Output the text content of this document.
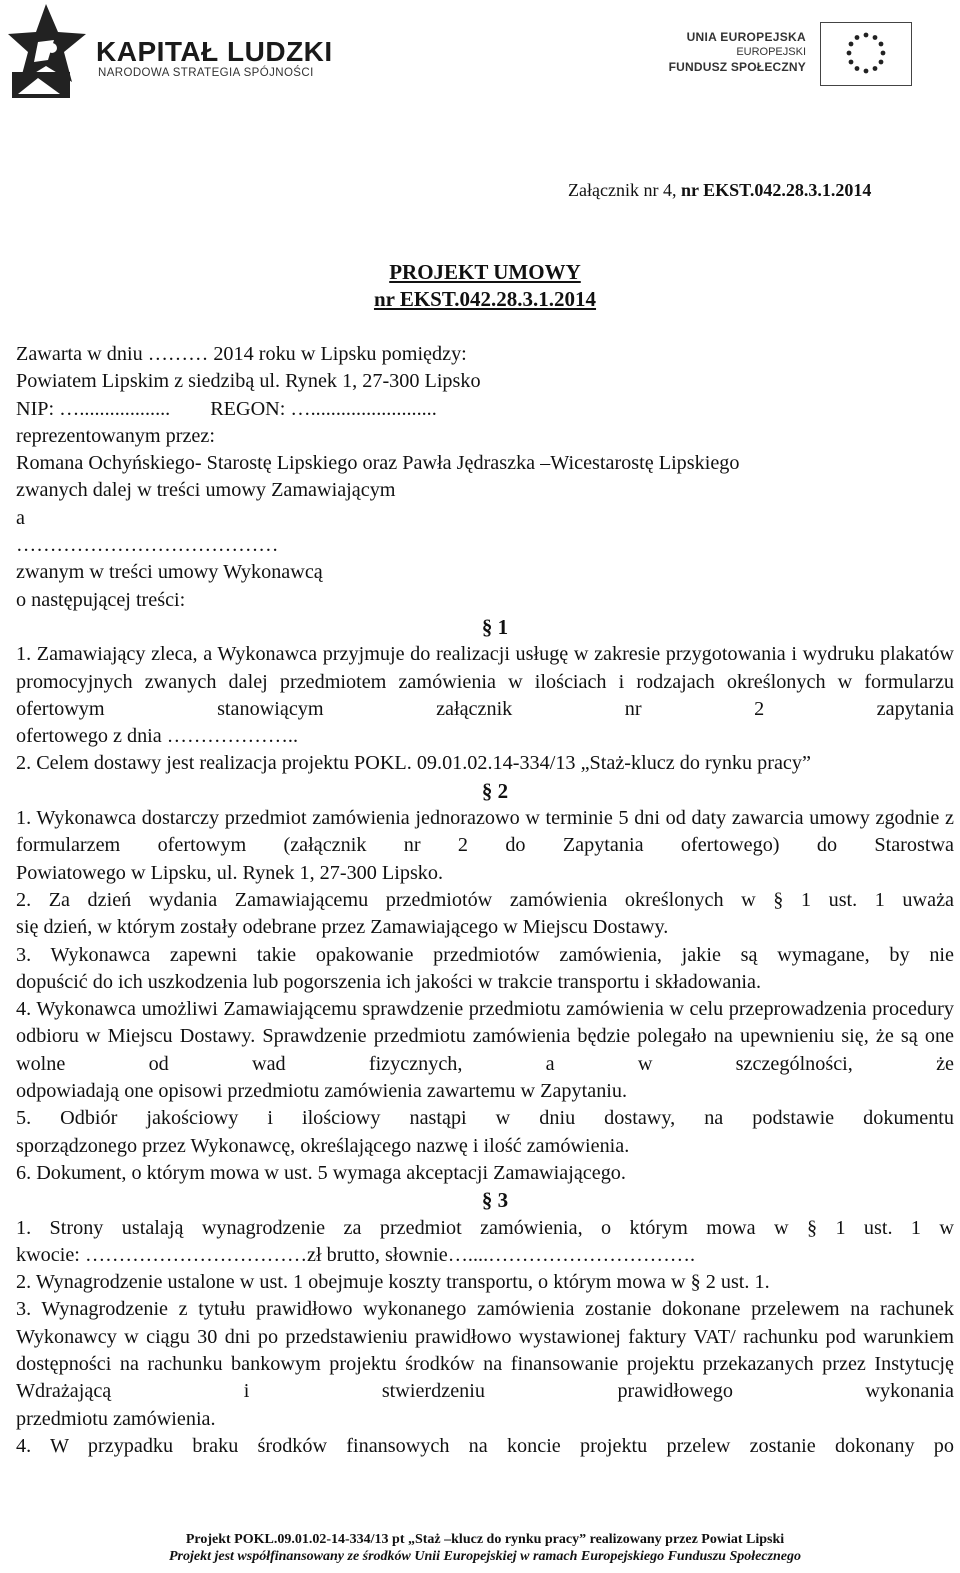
KAPITAŁ LUDZKI
NARODOWA STRATEGIA SPÓJNOŚCI
UNIA EUROPEJSKA
EUROPEJSKI
FUNDUSZ SPOŁECZNY
Załącznik nr 4, nr EKST.042.28.3.1.2014
PROJEKT UMOWY
nr EKST.042.28.3.1.2014
Zawarta w dniu ……… 2014 roku w Lipsku pomiędzy:
Powiatem Lipskim z siedzibą ul. Rynek 1, 27-300 Lipsko
NIP: ….................. REGON: ….........................
reprezentowanym przez:
Romana Ochyńskiego- Starostę Lipskiego oraz Pawła Jędraszka –Wicestarostę Lipskiego
zwanych dalej w treści umowy Zamawiającym
a
…………………………………
zwanym w treści umowy Wykonawcą
o następującej treści:
§ 1
1. Zamawiający zleca, a Wykonawca przyjmuje do realizacji usługę w zakresie przygotowania i wydruku plakatów promocyjnych zwanych dalej przedmiotem zamówienia w ilościach i rodzajach określonych w formularzu ofertowym stanowiącym załącznik nr 2 zapytania
ofertowego z dnia ………………..
2. Celem dostawy jest realizacja projektu POKL. 09.01.02.14-334/13 „Staż-klucz do rynku pracy”
§ 2
1. Wykonawca dostarczy przedmiot zamówienia jednorazowo w terminie 5 dni od daty zawarcia umowy zgodnie z formularzem ofertowym (załącznik nr 2 do Zapytania ofertowego) do Starostwa
Powiatowego w Lipsku, ul. Rynek 1, 27-300 Lipsko.
2. Za dzień wydania Zamawiającemu przedmiotów zamówienia określonych w § 1 ust. 1 uważa
się dzień, w którym zostały odebrane przez Zamawiającego w Miejscu Dostawy.
3. Wykonawca zapewni takie opakowanie przedmiotów zamówienia, jakie są wymagane, by nie
dopuścić do ich uszkodzenia lub pogorszenia ich jakości w trakcie transportu i składowania.
4. Wykonawca umożliwi Zamawiającemu sprawdzenie przedmiotu zamówienia w celu przeprowadzenia procedury odbioru w Miejscu Dostawy. Sprawdzenie przedmiotu zamówienia będzie polegało na upewnieniu się, że są one wolne od wad fizycznych, a w szczególności, że
odpowiadają one opisowi przedmiotu zamówienia zawartemu w Zapytaniu.
5. Odbiór jakościowy i ilościowy nastąpi w dniu dostawy, na podstawie dokumentu
sporządzonego przez Wykonawcę, określającego nazwę i ilość zamówienia.
6. Dokument, o którym mowa w ust. 5 wymaga akceptacji Zamawiającego.
§ 3
1. Strony ustalają wynagrodzenie za przedmiot zamówienia, o którym mowa w § 1 ust. 1 w
kwocie: ……………………………zł brutto, słownie…....………………………….
2. Wynagrodzenie ustalone w ust. 1 obejmuje koszty transportu, o którym mowa w § 2 ust. 1.
3. Wynagrodzenie z tytułu prawidłowo wykonanego zamówienia zostanie dokonane przelewem na rachunek Wykonawcy w ciągu 30 dni po przedstawieniu prawidłowo wystawionej faktury VAT/ rachunku pod warunkiem dostępności na rachunku bankowym projektu środków na finansowanie projektu przekazanych przez Instytucję Wdrażającą i stwierdzeniu prawidłowego wykonania
przedmiotu zamówienia.
4. W przypadku braku środków finansowych na koncie projektu przelew zostanie dokonany po
Projekt POKL.09.01.02-14-334/13 pt „Staż –klucz do rynku pracy” realizowany przez Powiat Lipski
Projekt jest współfinansowany ze środków Unii Europejskiej w ramach Europejskiego Funduszu Społecznego
